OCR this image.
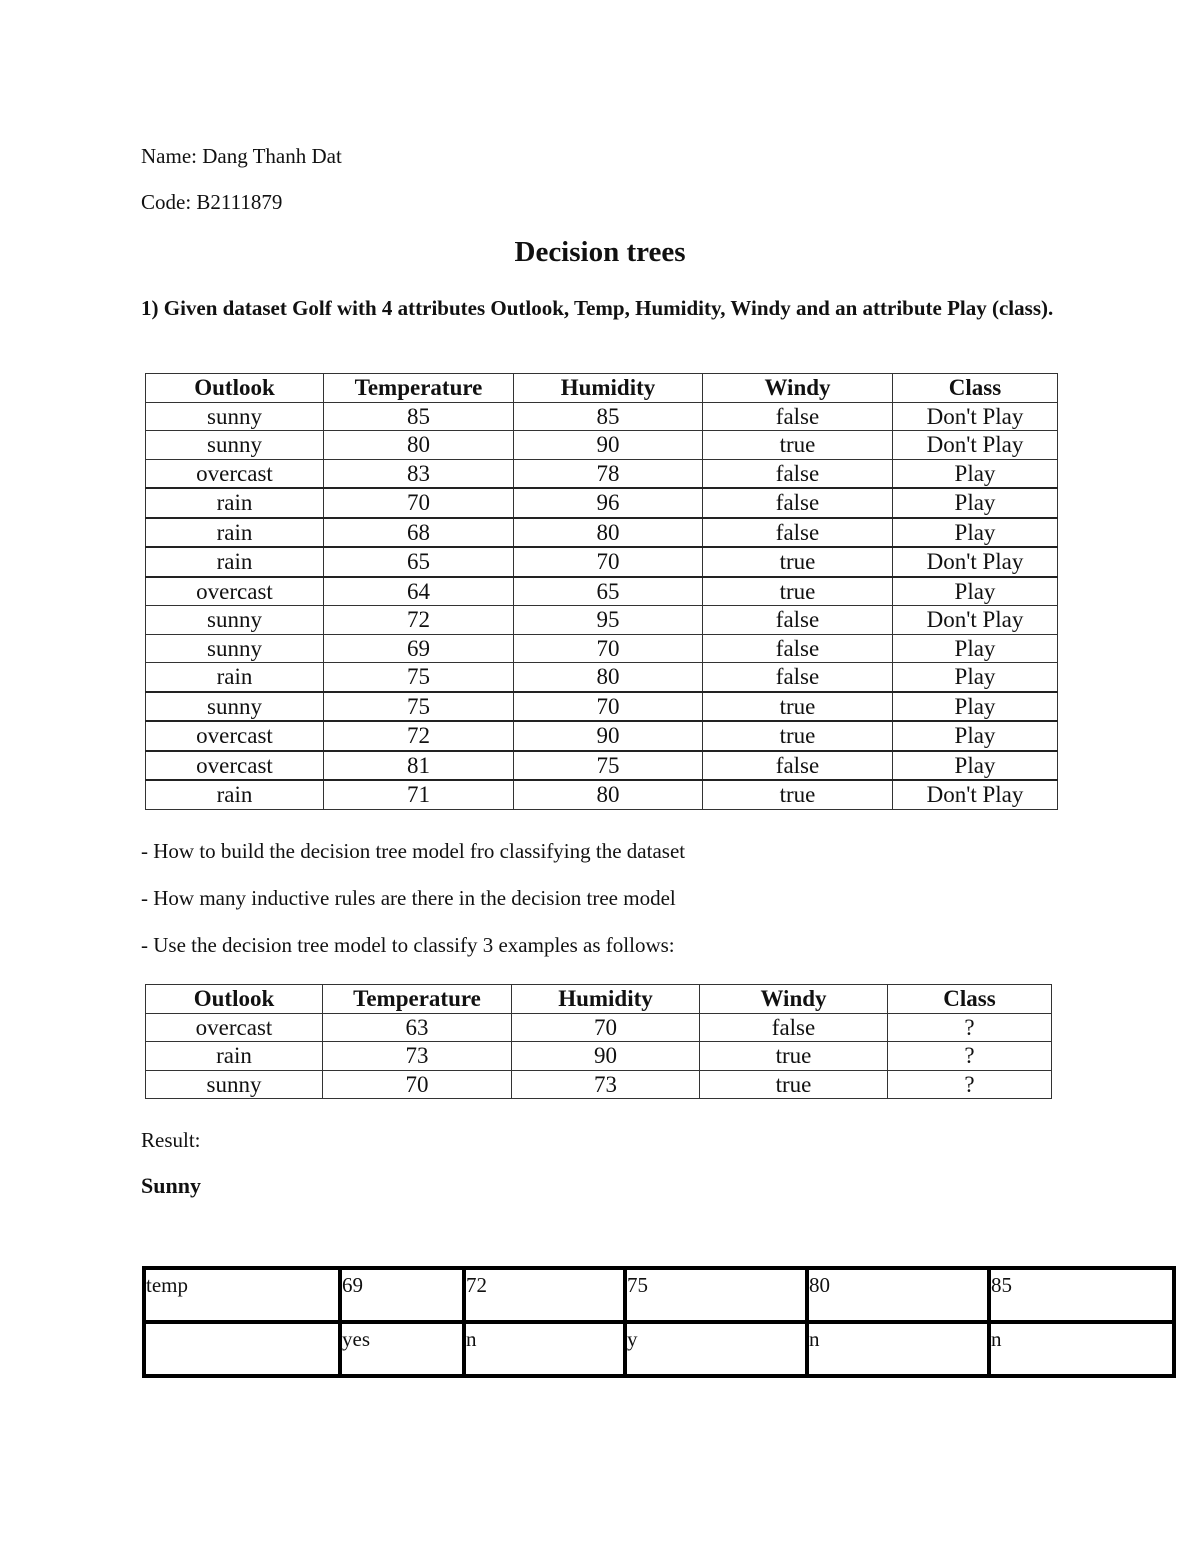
Name: Dang Thanh Dat
Code: B2111879
Decision trees
1) Given dataset Golf with 4 attributes Outlook, Temp, Humidity, Windy and an attribute Play (class).
Outlook	Temperature	Humidity	Windy	Class
sunny	85	85	false	Don't Play
sunny	80	90	true	Don't Play
overcast	83	78	false	Play
rain	70	96	false	Play
rain	68	80	false	Play
rain	65	70	true	Don't Play
overcast	64	65	true	Play
sunny	72	95	false	Don't Play
sunny	69	70	false	Play
rain	75	80	false	Play
sunny	75	70	true	Play
overcast	72	90	true	Play
overcast	81	75	false	Play
rain	71	80	true	Don't Play
- How to build the decision tree model fro classifying the dataset
- How many inductive rules are there in the decision tree model
- Use the decision tree model to classify 3 examples as follows:
Outlook	Temperature	Humidity	Windy	Class
overcast	63	70	false	?
rain	73	90	true	?
sunny	70	73	true	?
Result:
Sunny
temp	69	72	75	80	85
	yes	n	y	n	n
